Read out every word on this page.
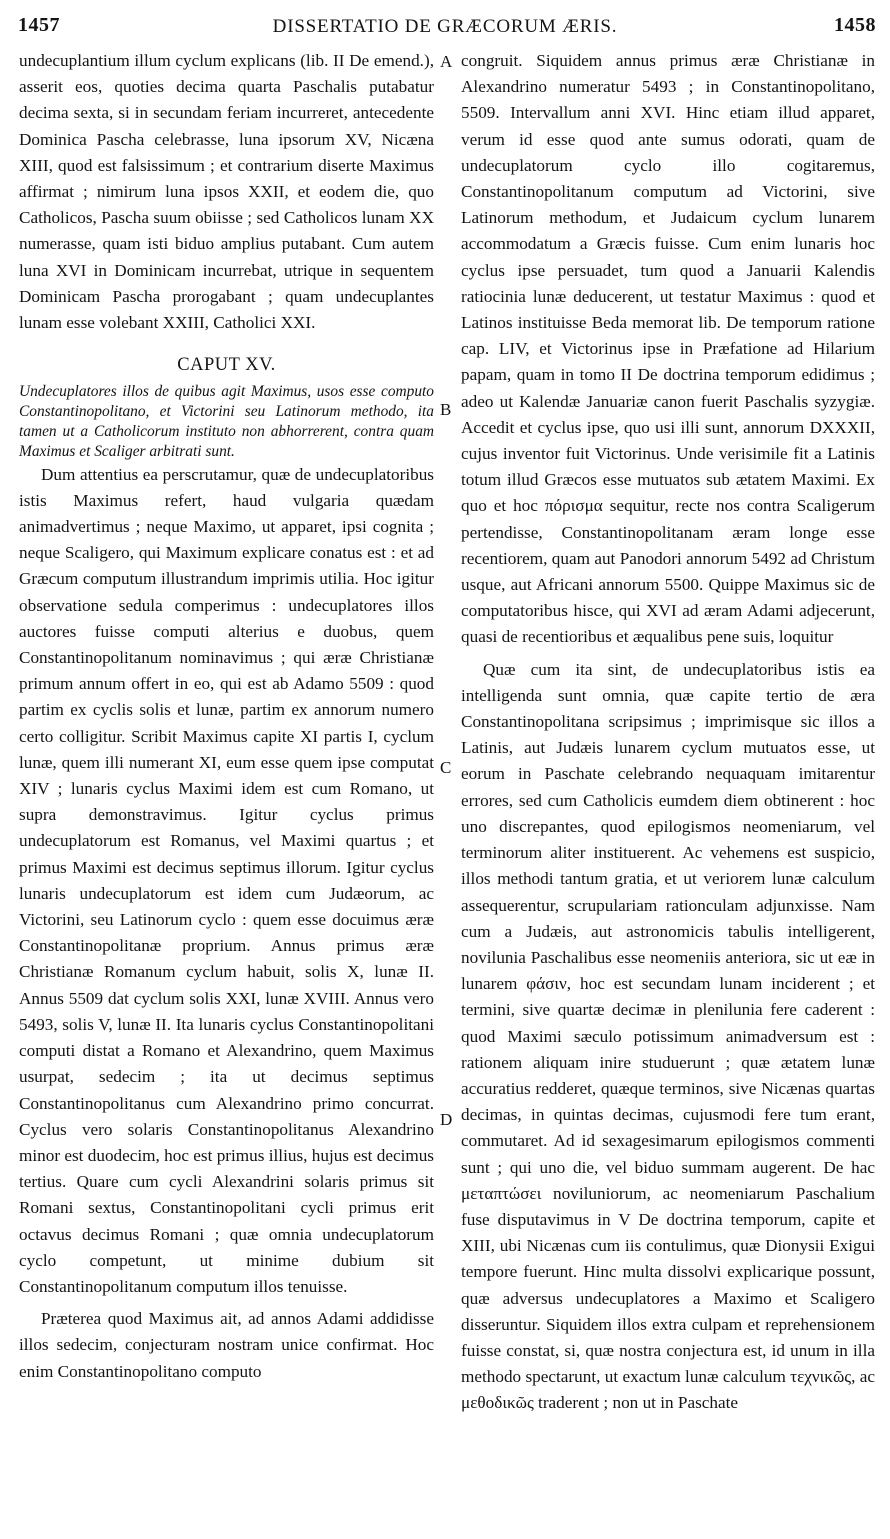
1457	DISSERTATIO DE GRÆCORUM ÆRIS.	1458
A
B
C
D

undecuplantium illum cyclum explicans (lib. II De emend.), asserit eos, quoties decima quarta Paschalis putabatur decima sexta, si in secundam feriam incurreret, antecedente Dominica Pascha celebrasse, luna ipsorum XV, Nicæna XIII, quod est falsissimum ; et contrarium diserte Maximus affirmat ; nimirum luna ipsos XXII, et eodem die, quo Catholicos, Pascha suum obiisse ; sed Catholicos lunam XX numerasse, quam isti biduo amplius putabant. Cum autem luna XVI in Dominicam incurrebat, utrique in sequentem Dominicam Pascha prorogabant ; quam undecuplantes lunam esse volebant XXIII, Catholici XXI.

CAPUT XV.

Undecuplatores illos de quibus agit Maximus, usos esse computo Constantinopolitano, et Victorini seu Latinorum methodo, ita tamen ut a Catholicorum instituto non abhorrerent, contra quam Maximus et Scaliger arbitrati sunt.

Dum attentius ea perscrutamur, quæ de undecuplatoribus istis Maximus refert, haud vulgaria quædam animadvertimus ; neque Maximo, ut apparet, ipsi cognita ; neque Scaligero, qui Maximum explicare conatus est : et ad Græcum computum illustrandum imprimis utilia. Hoc igitur observatione sedula comperimus : undecuplatores illos auctores fuisse computi alterius e duobus, quem Constantinopolitanum nominavimus ; qui æræ Christianæ primum annum offert in eo, qui est ab Adamo 5509 : quod partim ex cyclis solis et lunæ, partim ex annorum numero certo colligitur. Scribit Maximus capite XI partis I, cyclum lunæ, quem illi numerant XI, eum esse quem ipse computat XIV ; lunaris cyclus Maximi idem est cum Romano, ut supra demonstravimus. Igitur cyclus primus undecuplatorum est Romanus, vel Maximi quartus ; et primus Maximi est decimus septimus illorum. Igitur cyclus lunaris undecuplatorum est idem cum Judæorum, ac Victorini, seu Latinorum cyclo : quem esse docuimus æræ Constantinopolitanæ proprium. Annus primus æræ Christianæ Romanum cyclum habuit, solis X, lunæ II. Annus 5509 dat cyclum solis XXI, lunæ XVIII. Annus vero 5493, solis V, lunæ II. Ita lunaris cyclus Constantinopolitani computi distat a Romano et Alexandrino, quem Maximus usurpat, sedecim ; ita ut decimus septimus Constantinopolitanus cum Alexandrino primo concurrat. Cyclus vero solaris Constantinopolitanus Alexandrino minor est duodecim, hoc est primus illius, hujus est decimus tertius. Quare cum cycli Alexandrini solaris primus sit Romani sextus, Constantinopolitani cycli primus erit octavus decimus Romani ; quæ omnia undecuplatorum cyclo competunt, ut minime dubium sit Constantinopolitanum computum illos tenuisse.

Præterea quod Maximus ait, ad annos Adami addidisse illos sedecim, conjecturam nostram unice confirmat. Hoc enim Constantinopolitano computo

congruit. Siquidem annus primus æræ Christianæ in Alexandrino numeratur 5493 ; in Constantinopolitano, 5509. Intervallum anni XVI. Hinc etiam illud apparet, verum id esse quod ante sumus odorati, quam de undecuplatorum cyclo illo cogitaremus, Constantinopolitanum computum ad Victorini, sive Latinorum methodum, et Judaicum cyclum lunarem accommodatum a Græcis fuisse. Cum enim lunaris hoc cyclus ipse persuadet, tum quod a Januarii Kalendis ratiocinia lunæ deducerent, ut testatur Maximus : quod et Latinos instituisse Beda memorat lib. De temporum ratione cap. LIV, et Victorinus ipse in Præfatione ad Hilarium papam, quam in tomo II De doctrina temporum edidimus ; adeo ut Kalendæ Januariæ canon fuerit Paschalis syzygiæ. Accedit et cyclus ipse, quo usi illi sunt, annorum DXXXII, cujus inventor fuit Victorinus. Unde verisimile fit a Latinis totum illud Græcos esse mutuatos sub ætatem Maximi. Ex quo et hoc πόρισμα sequitur, recte nos contra Scaligerum pertendisse, Constantinopolitanam æram longe esse recentiorem, quam aut Panodori annorum 5492 ad Christum usque, aut Africani annorum 5500. Quippe Maximus sic de computatoribus hisce, qui XVI ad æram Adami adjecerunt, quasi de recentioribus et æqualibus pene suis, loquitur

Quæ cum ita sint, de undecuplatoribus istis ea intelligenda sunt omnia, quæ capite tertio de æra Constantinopolitana scripsimus ; imprimisque sic illos a Latinis, aut Judæis lunarem cyclum mutuatos esse, ut eorum in Paschate celebrando nequaquam imitarentur errores, sed cum Catholicis eumdem diem obtinerent : hoc uno discrepantes, quod epilogismos neomeniarum, vel terminorum aliter instituerent. Ac vehemens est suspicio, illos methodi tantum gratia, et ut veriorem lunæ calculum assequerentur, scrupulariam rationculam adjunxisse. Nam cum a Judæis, aut astronomicis tabulis intelligerent, novilunia Paschalibus esse neomeniis anteriora, sic ut eæ in lunarem φάσιν, hoc est secundam lunam inciderent ; et termini, sive quartæ decimæ in plenilunia fere caderent : quod Maximi sæculo potissimum animadversum est : rationem aliquam inire studuerunt ; quæ ætatem lunæ accuratius redderet, quæque terminos, sive Nicænas quartas decimas, in quintas decimas, cujusmodi fere tum erant, commutaret. Ad id sexagesimarum epilogismos commenti sunt ; qui uno die, vel biduo summam augerent. De hac μεταπτώσει noviluniorum, ac neomeniarum Paschalium fuse disputavimus in V De doctrina temporum, capite et XIII, ubi Nicænas cum iis contulimus, quæ Dionysii Exigui tempore fuerunt. Hinc multa dissolvi explicarique possunt, quæ adversus undecuplatores a Maximo et Scaligero disseruntur. Siquidem illos extra culpam et reprehensionem fuisse constat, si, quæ nostra conjectura est, id unum in illa methodo spectarunt, ut exactum lunæ calculum τεχνικῶς, ac μεθοδικῶς traderent ; non ut in Paschate
